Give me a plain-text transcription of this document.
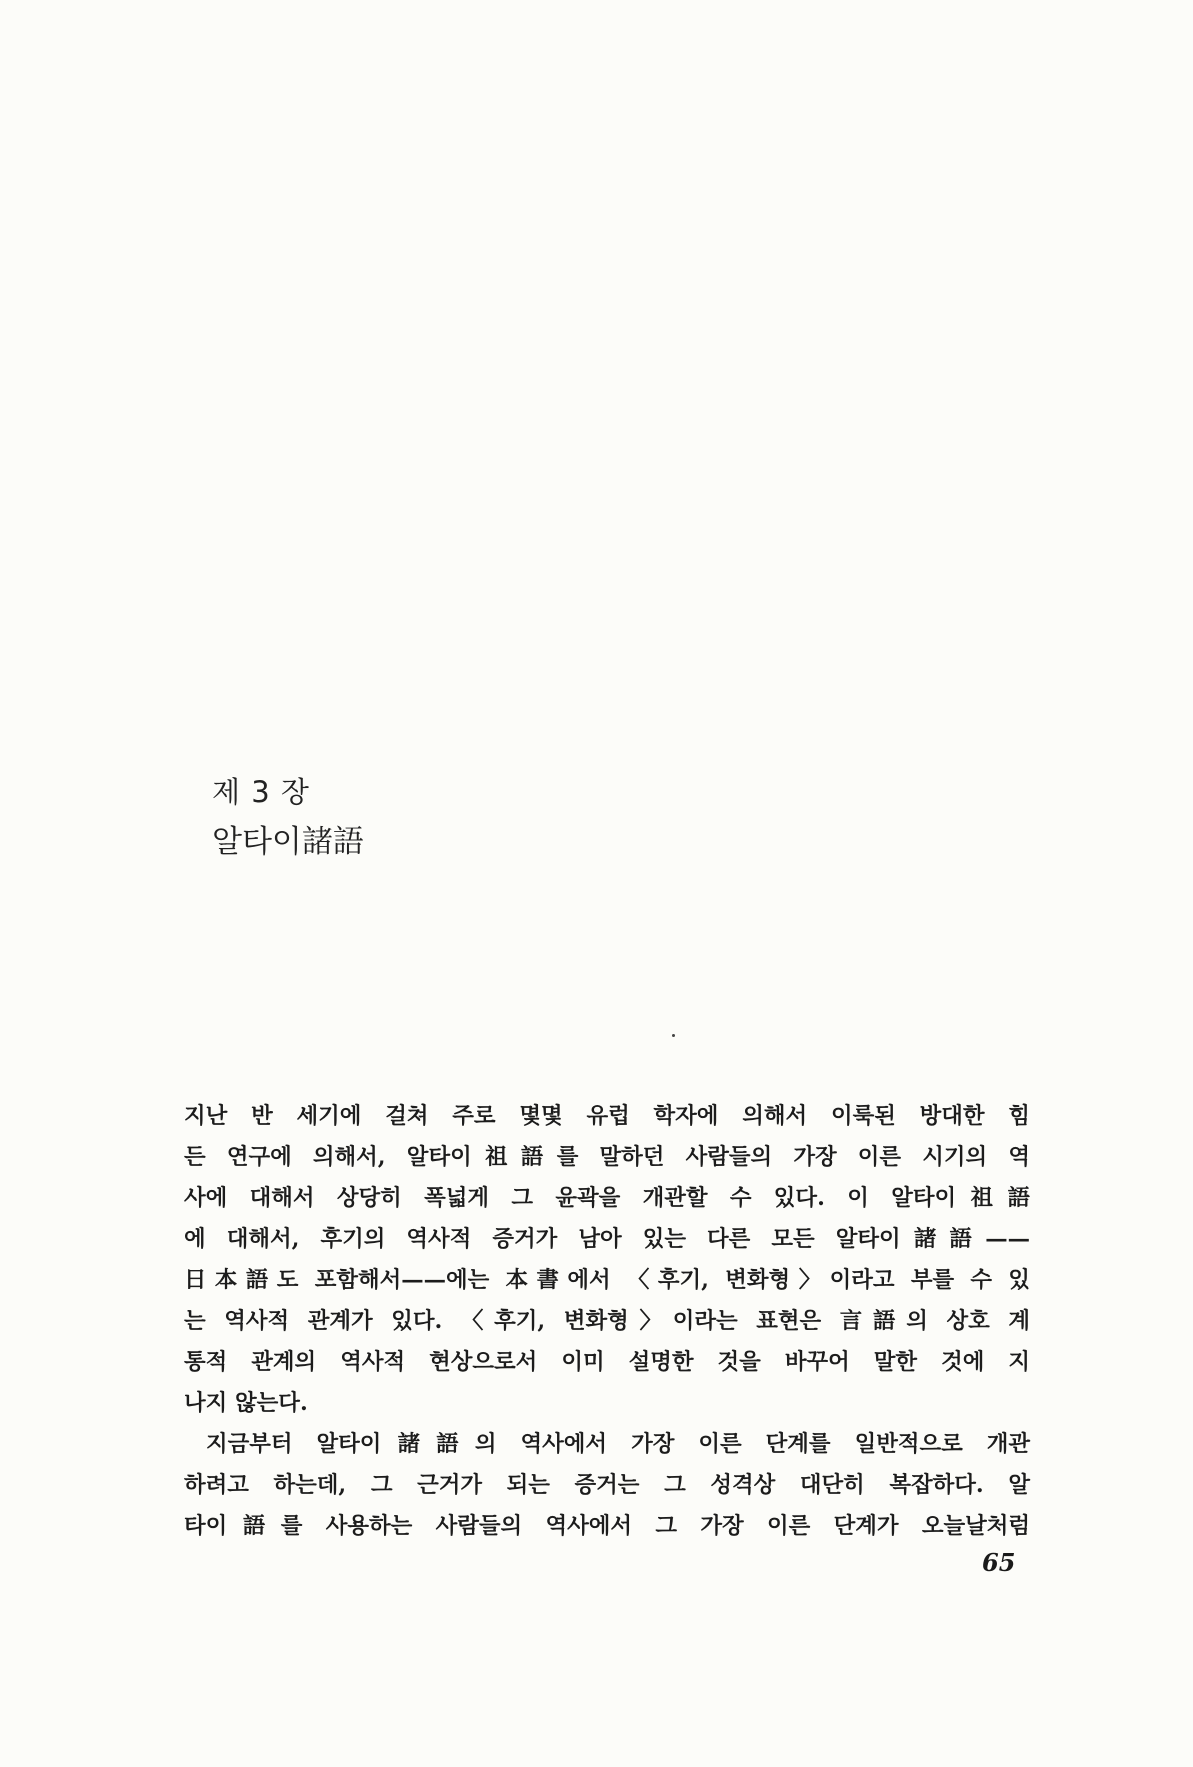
제 3 장
알타이諸語
지난 반 세기에 걸쳐 주로 몇몇 유럽 학자에 의해서 이룩된 방대한 힘
든 연구에 의해서, 알타이祖語를 말하던 사람들의 가장 이른 시기의 역
사에 대해서 상당히 폭넓게 그 윤곽을 개관할 수 있다. 이 알타이祖語
에 대해서, 후기의 역사적 증거가 남아 있는 다른 모든 알타이諸語——
日本語도 포함해서——에는 本書에서 〈후기, 변화형〉이라고 부를 수 있
는 역사적 관계가 있다. 〈후기, 변화형〉이라는 표현은 言語의 상호 계
통적 관계의 역사적 현상으로서 이미 설명한 것을 바꾸어 말한 것에 지
나지 않는다.
지금부터 알타이諸語의 역사에서 가장 이른 단계를 일반적으로 개관
하려고 하는데, 그 근거가 되는 증거는 그 성격상 대단히 복잡하다. 알
타이語를 사용하는 사람들의 역사에서 그 가장 이른 단계가 오늘날처럼
65
